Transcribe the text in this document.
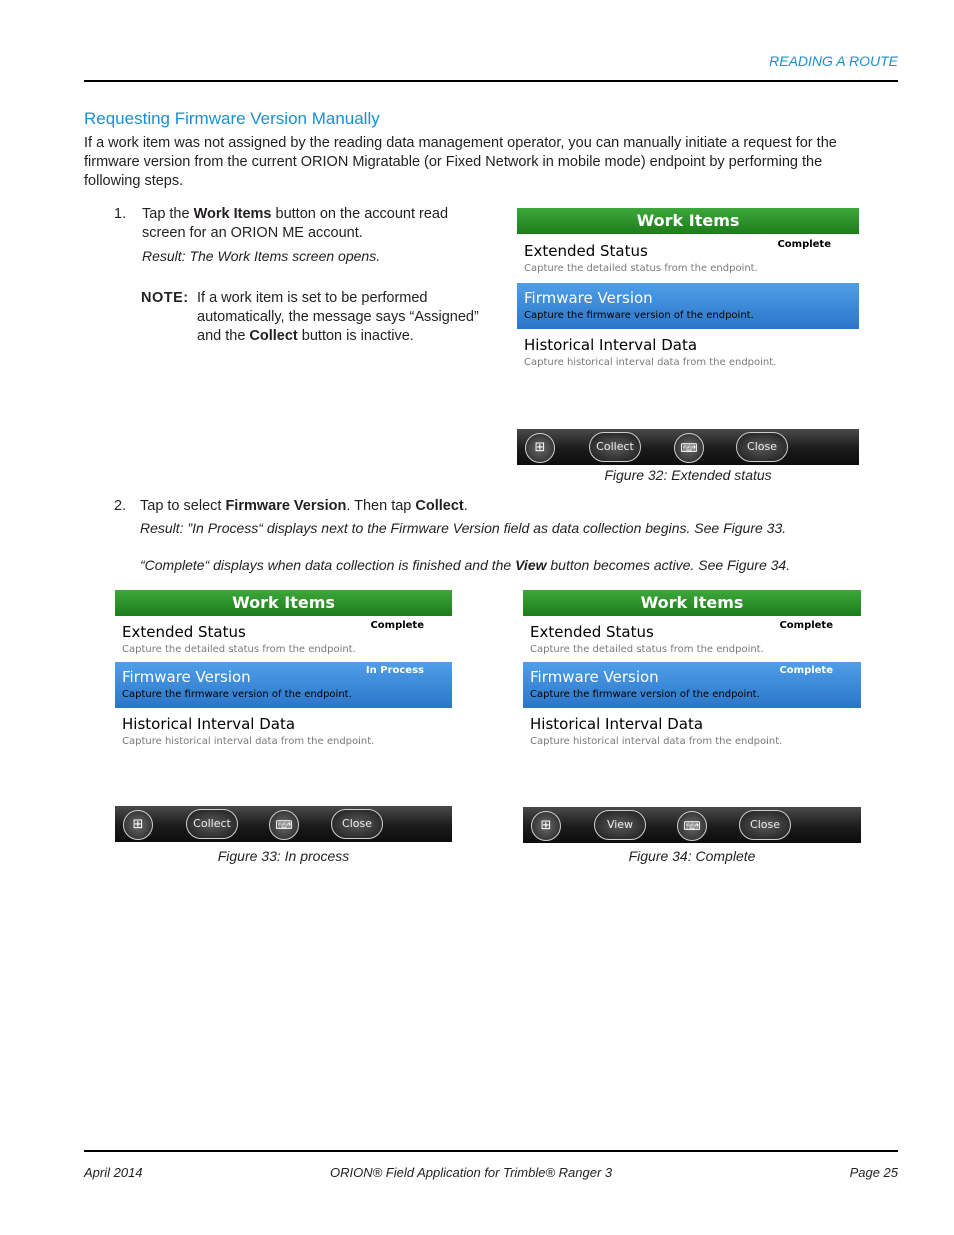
READING A ROUTE
Requesting Firmware Version Manually
If a work item was not assigned by the reading data management operator, you can manually initiate a request for the firmware version from the current ORION Migratable (or Fixed Network in mobile mode) endpoint by performing the following steps.
1. Tap the Work Items button on the account read screen for an ORION ME account.
Result: The Work Items screen opens.
NOTE: If a work item is set to be performed automatically, the message says “Assigned” and the Collect button is inactive.
Work Items
Extended Status
Capture the detailed status from the endpoint.
Complete
Firmware Version
Capture the firmware version of the endpoint.
Historical Interval Data
Capture historical interval data from the endpoint.
⊞	Collect	⌨	Close
Figure 32: Extended status
2. Tap to select Firmware Version. Then tap Collect.
Result: ”In Process“ displays next to the Firmware Version field as data collection begins. See Figure 33.
“Complete“ displays when data collection is finished and the View button becomes active. See Figure 34.
Work Items
Extended Status
Capture the detailed status from the endpoint.
Complete
Firmware Version
Capture the firmware version of the endpoint.
In Process
Historical Interval Data
Capture historical interval data from the endpoint.
⊞	Collect	⌨	Close
Figure 33: In process
Work Items
Extended Status
Capture the detailed status from the endpoint.
Complete
Firmware Version
Capture the firmware version of the endpoint.
Complete
Historical Interval Data
Capture historical interval data from the endpoint.
⊞	View	⌨	Close
Figure 34: Complete
April 2014	ORION® Field Application for Trimble® Ranger 3	Page 25
